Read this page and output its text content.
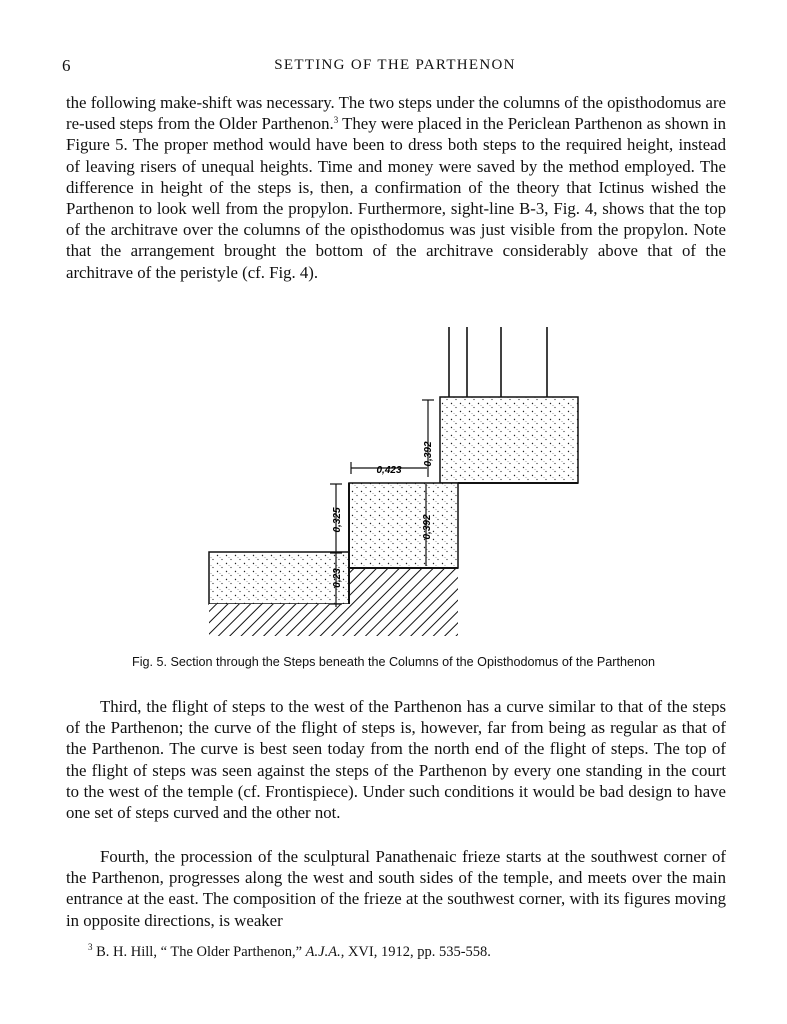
6	SETTING OF THE PARTHENON

the following make-shift was necessary. The two steps under the columns of the opisthodomus are re-used steps from the Older Parthenon.$^3$ They were placed in the Periclean Parthenon as shown in Figure 5. The proper method would have been to dress both steps to the required height, instead of leaving risers of unequal heights. Time and money were saved by the method employed. The difference in height of the steps is, then, a confirmation of the theory that Ictinus wished the Parthenon to look well from the propylon. Furthermore, sight-line B-3, Fig. 4, shows that the top of the architrave over the columns of the opisthodomus was just visible from the propylon. Note that the arrangement brought the bottom of the architrave considerably above that of the architrave of the peristyle (cf. Fig. 4).

0,392
0,423
0,325	0,392
0,23
Fig. 5. Section through the Steps beneath the Columns of the Opisthodomus of the Parthenon

Third, the flight of steps to the west of the Parthenon has a curve similar to that of the steps of the Parthenon; the curve of the flight of steps is, however, far from being as regular as that of the Parthenon. The curve is best seen today from the north end of the flight of steps. The top of the flight of steps was seen against the steps of the Parthenon by every one standing in the court to the west of the temple (cf. Frontispiece). Under such conditions it would be bad design to have one set of steps curved and the other not.

Fourth, the procession of the sculptural Panathenaic frieze starts at the southwest corner of the Parthenon, progresses along the west and south sides of the temple, and meets over the main entrance at the east. The composition of the frieze at the southwest corner, with its figures moving in opposite directions, is weaker

$^3$ B. H. Hill, “ The Older Parthenon,” A.J.A., XVI, 1912, pp. 535-558.
